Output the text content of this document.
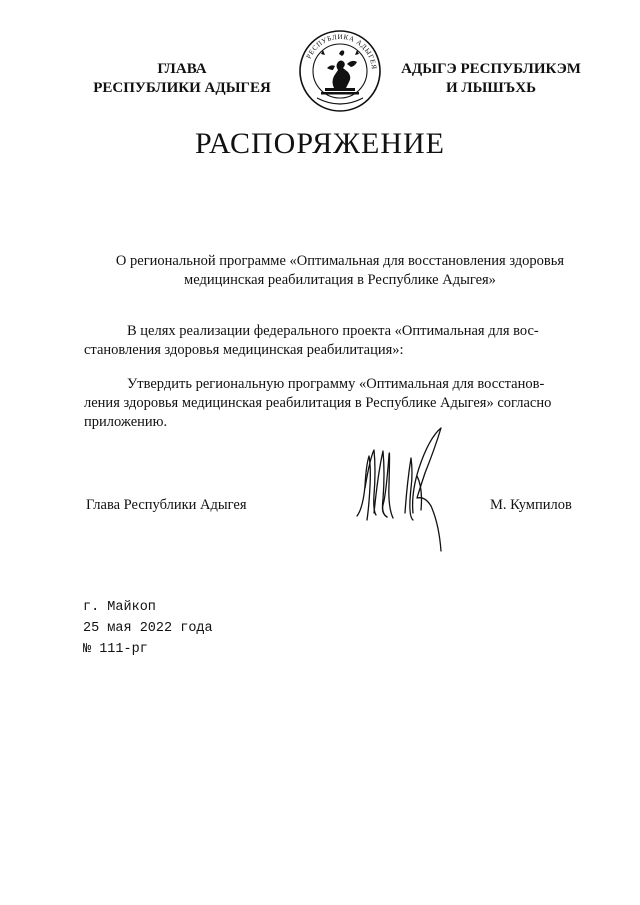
ГЛАВА
РЕСПУБЛИКИ АДЫГЕЯ
РЕСПУБЛИКА АДЫГЕЯ	АДЫГЭ РЕСПУБЛИКЭМ
И ЛЫШЪХЬ
РАСПОРЯЖЕНИЕ
О региональной программе «Оптимальная для восстановления здоровья
медицинская реабилитация в Республике Адыгея»
В целях реализации федерального проекта «Оптимальная для вос-
становления здоровья медицинская реабилитация»:
Утвердить региональную программу «Оптимальная для восстанов-
ления здоровья медицинская реабилитация в Республике Адыгея» согласно
приложению.
Глава Республики Адыгея	М. Кумпилов
г. Майкоп
25 мая 2022 года
№ 111-рг
